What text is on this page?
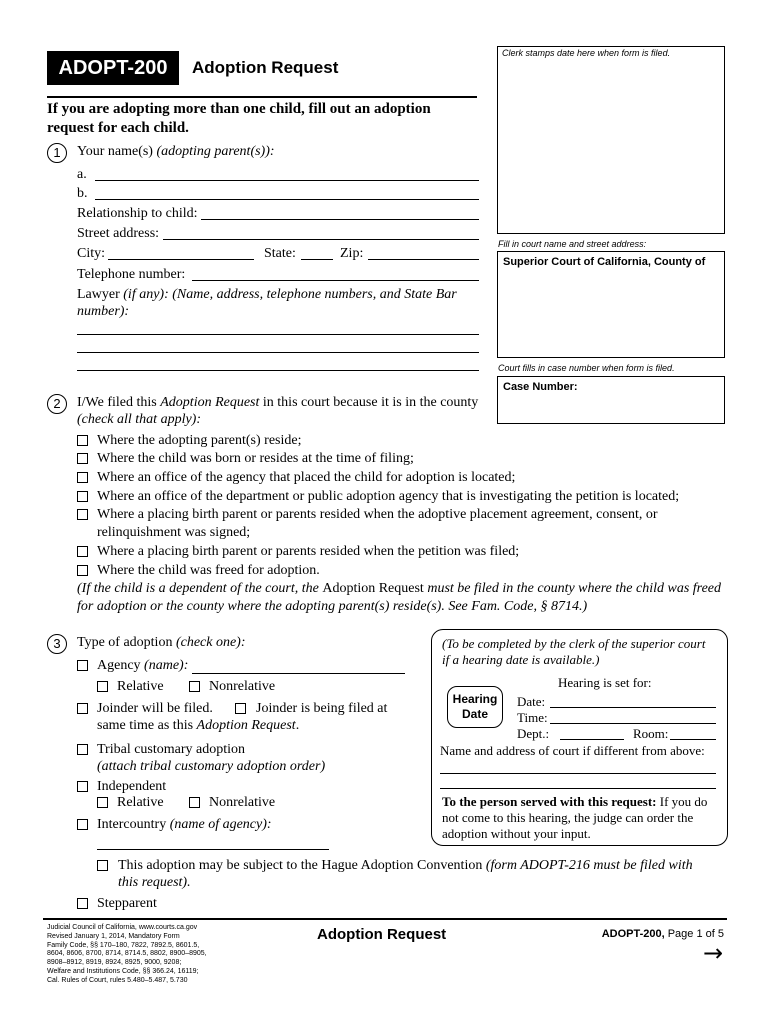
ADOPT-200	Adoption Request
If you are adopting more than one child, fill out an adoption
request for each child.
Clerk stamps date here when form is filed.
Fill in court name and street address:
Superior Court of California, County of
Court fills in case number when form is filed.
Case Number:
1	Your name(s) (adopting parent(s)):
a.
b.
Relationship to child:
Street address:
City:	State:	Zip:
Telephone number:
Lawyer (if any): (Name, address, telephone numbers, and State Bar
number):
2	I/We filed this Adoption Request in this court because it is in the county
(check all that apply):
Where the adopting parent(s) reside;
Where the child was born or resides at the time of filing;
Where an office of the agency that placed the child for adoption is located;
Where an office of the department or public adoption agency that is investigating the petition is located;
Where a placing birth parent or parents resided when the adoptive placement agreement, consent, or
relinquishment was signed;
Where a placing birth parent or parents resided when the petition was filed;
Where the child was freed for adoption.
(If the child is a dependent of the court, the Adoption Request must be filed in the county where the child was freed
for adoption or the county where the adopting parent(s) reside(s). See Fam. Code, § 8714.)
3	Type of adoption (check one):
Agency (name):
Relative	Nonrelative
Joinder will be filed.	Joinder is being filed at
same time as this Adoption Request.
Tribal customary adoption
(attach tribal customary adoption order)
Independent
Relative	Nonrelative
Intercountry (name of agency):
This adoption may be subject to the Hague Adoption Convention (form ADOPT-216 must be filed with
this request).
Stepparent
(To be completed by the clerk of the superior court
if a hearing date is available.)
Hearing is set for:
Hearing
Date
Date:
Time:
Dept.:	Room:
Name and address of court if different from above:
To the person served with this request: If you do
not come to this hearing, the judge can order the
adoption without your input.
Judicial Council of California, www.courts.ca.gov
Revised January 1, 2014, Mandatory Form
Family Code, §§ 170–180, 7822, 7892.5, 8601.5,
8604, 8606, 8700, 8714, 8714.5, 8802, 8900–8905,
8908–8912, 8919, 8924, 8925, 9000, 9208;
Welfare and Institutions Code, §§ 366.24, 16119;
Cal. Rules of Court, rules 5.480–5.487, 5.730
Adoption Request	ADOPT-200, Page 1 of 5
→
